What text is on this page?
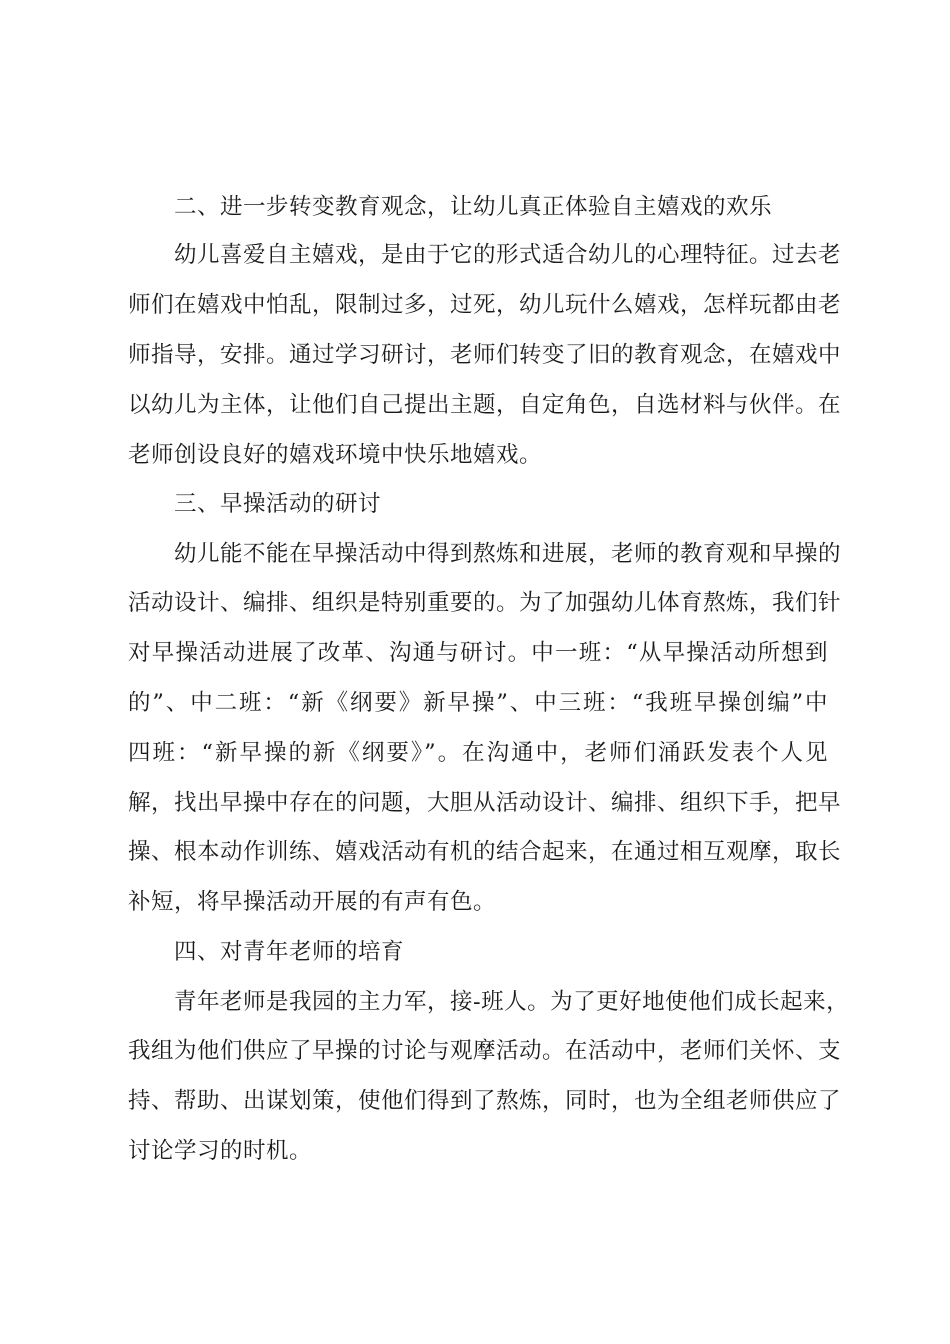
二、进一步转变教育观念，让幼儿真正体验自主嬉戏的欢乐
幼儿喜爱自主嬉戏，是由于它的形式适合幼儿的心理特征。过去老
师们在嬉戏中怕乱，限制过多，过死，幼儿玩什么嬉戏，怎样玩都由老
师指导，安排。通过学习研讨，老师们转变了旧的教育观念，在嬉戏中
以幼儿为主体，让他们自己提出主题，自定角色，自选材料与伙伴。在
老师创设良好的嬉戏环境中快乐地嬉戏。
三、早操活动的研讨
幼儿能不能在早操活动中得到熬炼和进展，老师的教育观和早操的
活动设计、编排、组织是特别重要的。为了加强幼儿体育熬炼，我们针
对早操活动进展了改革、沟通与研讨。中一班：“从早操活动所想到
的”、中二班：“新《纲要》新早操”、中三班：“我班早操创编”中
四班：“新早操的新《纲要》”。在沟通中，老师们涌跃发表个人见
解，找出早操中存在的问题，大胆从活动设计、编排、组织下手，把早
操、根本动作训练、嬉戏活动有机的结合起来，在通过相互观摩，取长
补短，将早操活动开展的有声有色。
四、对青年老师的培育
青年老师是我园的主力军，接-班人。为了更好地使他们成长起来，
我组为他们供应了早操的讨论与观摩活动。在活动中，老师们关怀、支
持、帮助、出谋划策，使他们得到了熬炼，同时，也为全组老师供应了
讨论学习的时机。
